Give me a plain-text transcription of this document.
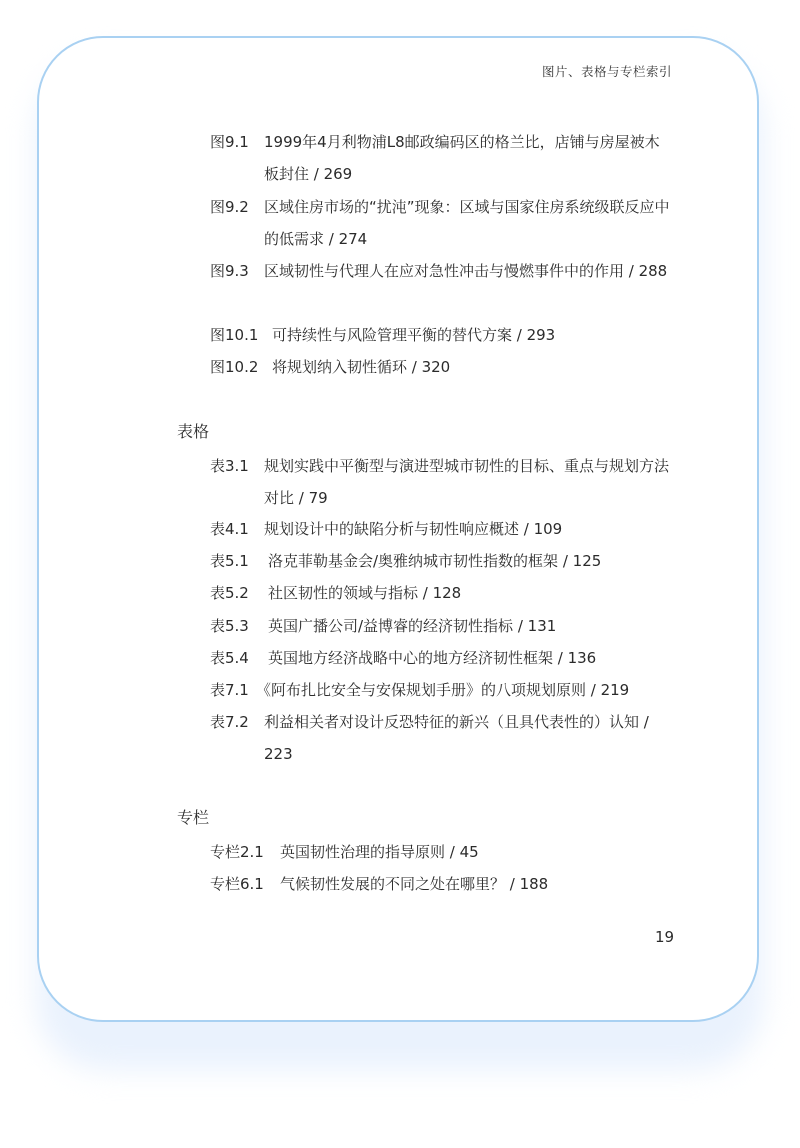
图片、表格与专栏索引
图9.1 1999年4月利物浦L8邮政编码区的格兰比，店铺与房屋被木板封住 / 269
图9.2 区域住房市场的“扰沌”现象：区域与国家住房系统级联反应中的低需求 / 274
图9.3 区域韧性与代理人在应对急性冲击与慢燃事件中的作用 / 288
图10.1 可持续性与风险管理平衡的替代方案 / 293
图10.2 将规划纳入韧性循环 / 320
表格
表3.1 规划实践中平衡型与演进型城市韧性的目标、重点与规划方法对比 / 79
表4.1 规划设计中的缺陷分析与韧性响应概述 / 109
表5.1 洛克菲勒基金会/奥雅纳城市韧性指数的框架 / 125
表5.2 社区韧性的领域与指标 / 128
表5.3 英国广播公司/益博睿的经济韧性指标 / 131
表5.4 英国地方经济战略中心的地方经济韧性框架 / 136
表7.1 《阿布扎比安全与安保规划手册》的八项规划原则 / 219
表7.2 利益相关者对设计反恐特征的新兴（且具代表性的）认知 / 223
专栏
专栏2.1 英国韧性治理的指导原则 / 45
专栏6.1 气候韧性发展的不同之处在哪里？ / 188
19
